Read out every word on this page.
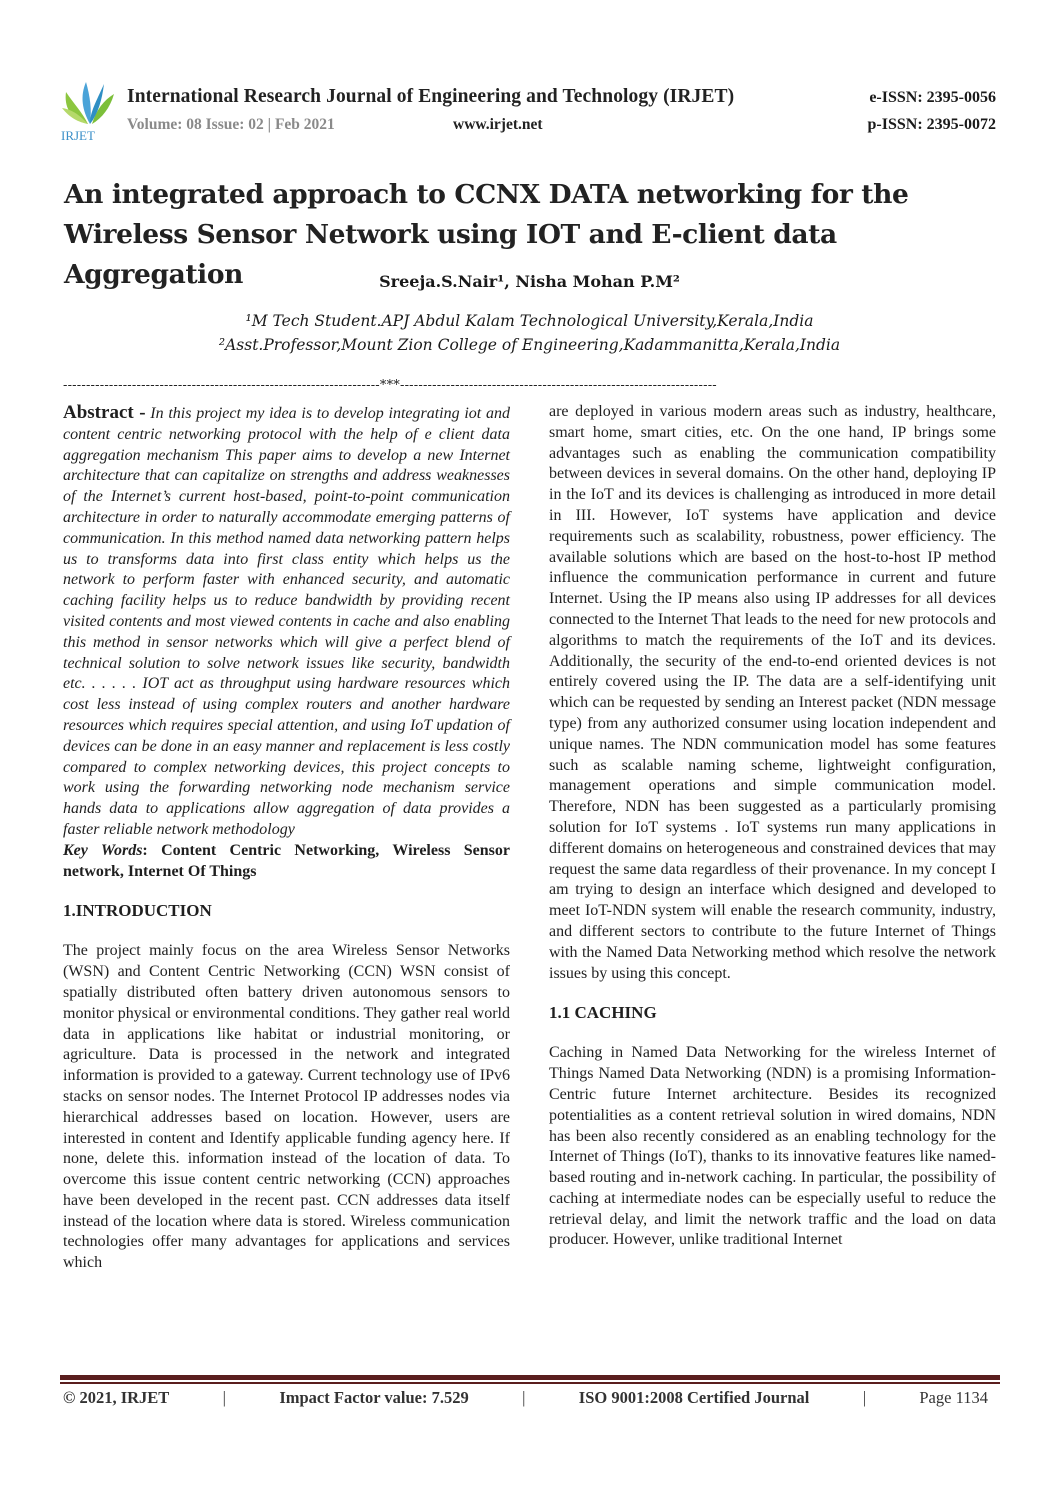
IRJET
International Research Journal of Engineering and Technology (IRJET)
Volume: 08 Issue: 02 | Feb 2021	www.irjet.net
e-ISSN: 2395-0056
p-ISSN: 2395-0072
An integrated approach to CCNX DATA networking for the Wireless Sensor Network using IOT and E-client data Aggregation	Sreeja.S.Nair¹, Nisha Mohan P.M²
¹M Tech Student.APJ Abdul Kalam Technological University,Kerala,India
²Asst.Professor,Mount Zion College of Engineering,Kadammanitta,Kerala,India
---------------------------------------------------------------------***---------------------------------------------------------------------

Abstract - In this project my idea is to develop integrating iot and content centric networking protocol with the help of e client data aggregation mechanism This paper aims to develop a new Internet architecture that can capitalize on strengths and address weaknesses of the Internet’s current host-based, point-to-point communication architecture in order to naturally accommodate emerging patterns of communication. In this method named data networking pattern helps us to transforms data into first class entity which helps us the network to perform faster with enhanced security, and automatic caching facility helps us to reduce bandwidth by providing recent visited contents and most viewed contents in cache and also enabling this method in sensor networks which will give a perfect blend of technical solution to solve network issues like security, bandwidth etc. . . . . . IOT act as throughput using hardware resources which cost less instead of using complex routers and another hardware resources which requires special attention, and using IoT updation of devices can be done in an easy manner and replacement is less costly compared to complex networking devices, this project concepts to work using the forwarding networking node mechanism service hands data to applications allow aggregation of data provides a faster reliable network methodology

Key Words: Content Centric Networking, Wireless Sensor network, Internet Of Things

1.INTRODUCTION

The project mainly focus on the area Wireless Sensor Networks (WSN) and Content Centric Networking (CCN) WSN consist of spatially distributed often battery driven autonomous sensors to monitor physical or environmental conditions. They gather real world data in applications like habitat or industrial monitoring, or agriculture. Data is processed in the network and integrated information is provided to a gateway. Current technology use of IPv6 stacks on sensor nodes. The Internet Protocol IP addresses nodes via hierarchical addresses based on location. However, users are interested in content and Identify applicable funding agency here. If none, delete this. information instead of the location of data. To overcome this issue content centric networking (CCN) approaches have been developed in the recent past. CCN addresses data itself instead of the location where data is stored. Wireless communication technologies offer many advantages for applications and services which

are deployed in various modern areas such as industry, healthcare, smart home, smart cities, etc. On the one hand, IP brings some advantages such as enabling the communication compatibility between devices in several domains. On the other hand, deploying IP in the IoT and its devices is challenging as introduced in more detail in III. However, IoT systems have application and device requirements such as scalability, robustness, power efficiency. The available solutions which are based on the host-to-host IP method influence the communication performance in current and future Internet. Using the IP means also using IP addresses for all devices connected to the Internet That leads to the need for new protocols and algorithms to match the requirements of the IoT and its devices. Additionally, the security of the end-to-end oriented devices is not entirely covered using the IP. The data are a self-identifying unit which can be requested by sending an Interest packet (NDN message type) from any authorized consumer using location independent and unique names. The NDN communication model has some features such as scalable naming scheme, lightweight configuration, management operations and simple communication model. Therefore, NDN has been suggested as a particularly promising solution for IoT systems . IoT systems run many applications in different domains on heterogeneous and constrained devices that may request the same data regardless of their provenance. In my concept I am trying to design an interface which designed and developed to meet IoT-NDN system will enable the research community, industry, and different sectors to contribute to the future Internet of Things with the Named Data Networking method which resolve the network issues by using this concept.

1.1 CACHING

Caching in Named Data Networking for the wireless Internet of Things Named Data Networking (NDN) is a promising Information-Centric future Internet architecture. Besides its recognized potentialities as a content retrieval solution in wired domains, NDN has been also recently considered as an enabling technology for the Internet of Things (IoT), thanks to its innovative features like named-based routing and in-network caching. In particular, the possibility of caching at intermediate nodes can be especially useful to reduce the retrieval delay, and limit the network traffic and the load on data producer. However, unlike traditional Internet

© 2021, IRJET	|	Impact Factor value: 7.529	|	ISO 9001:2008 Certified Journal	|	Page 1134
